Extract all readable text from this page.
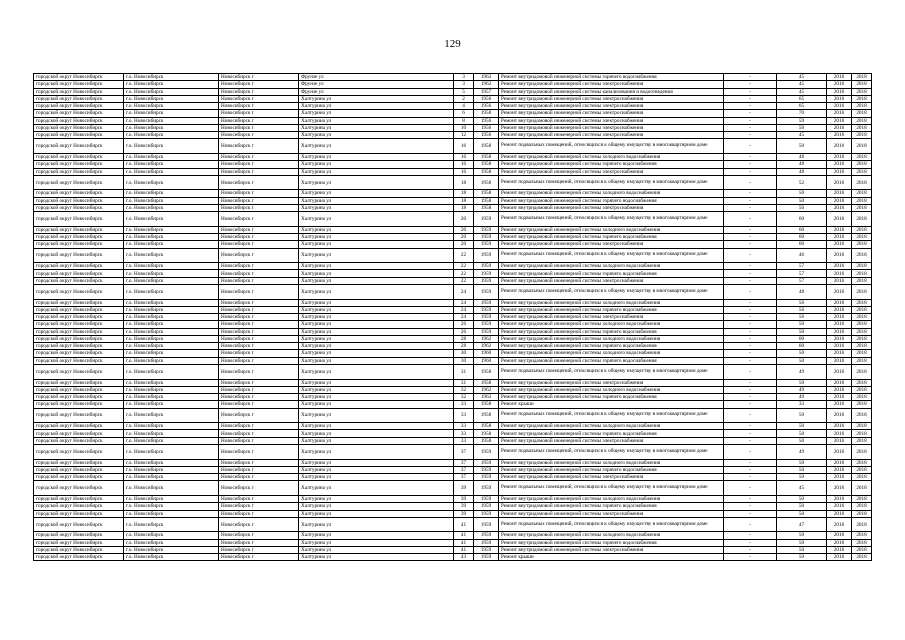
129
городской округ Новосибирск	г.о. Новосибирск	Новосибирск г	Фрунзе ул	3	1962	Ремонт внутридомовой инженерной системы горячего водоснабжения	-	45	2016	2018
городской округ Новосибирск	г.о. Новосибирск	Новосибирск г	Фрунзе ул	3	1962	Ремонт внутридомовой инженерной системы электроснабжения	-	45	2016	2018
городской округ Новосибирск	г.о. Новосибирск	Новосибирск г	Фрунзе ул	5	1957	Ремонт внутридомовой инженерной системы канализования и водоотведения	-	45	2016	2018
городской округ Новосибирск	г.о. Новосибирск	Новосибирск г	Халтурина ул	2	1956	Ремонт внутридомовой инженерной системы электроснабжения	-	65	2016	2018
городской округ Новосибирск	г.о. Новосибирск	Новосибирск г	Халтурина ул	4	1956	Ремонт внутридомовой инженерной системы электроснабжения	-	65	2016	2018
городской округ Новосибирск	г.о. Новосибирск	Новосибирск г	Халтурина ул	6	1958	Ремонт внутридомовой инженерной системы электроснабжения	-	70	2016	2018
городской округ Новосибирск	г.о. Новосибирск	Новосибирск г	Халтурина ул	8	1956	Ремонт внутридомовой инженерной системы электроснабжения	-	59	2016	2018
городской округ Новосибирск	г.о. Новосибирск	Новосибирск г	Халтурина ул	10	1956	Ремонт внутридомовой инженерной системы электроснабжения	-	50	2016	2018
городской округ Новосибирск	г.о. Новосибирск	Новосибирск г	Халтурина ул	12	1956	Ремонт внутридомовой инженерной системы электроснабжения	-	45	2016	2018
городской округ Новосибирск	г.о. Новосибирск	Новосибирск г	Халтурина ул	16	1958	Ремонт подвальных помещений, относящихся к общему имуществу в многоквартирном доме	-	50	2016	2018
городской округ Новосибирск	г.о. Новосибирск	Новосибирск г	Халтурина ул	16	1958	Ремонт внутридомовой инженерной системы холодного водоснабжения	-	48	2016	2018
городской округ Новосибирск	г.о. Новосибирск	Новосибирск г	Халтурина ул	16	1958	Ремонт внутридомовой инженерной системы горячего водоснабжения	-	48	2016	2018
городской округ Новосибирск	г.о. Новосибирск	Новосибирск г	Халтурина ул	16	1958	Ремонт внутридомовой инженерной системы электроснабжения	-	48	2016	2018
городской округ Новосибирск	г.о. Новосибирск	Новосибирск г	Халтурина ул	18	1958	Ремонт подвальных помещений, относящихся к общему имуществу в многоквартирном доме	-	52	2016	2018
городской округ Новосибирск	г.о. Новосибирск	Новосибирск г	Халтурина ул	18	1958	Ремонт внутридомовой инженерной системы холодного водоснабжения	-	50	2016	2018
городской округ Новосибирск	г.о. Новосибирск	Новосибирск г	Халтурина ул	18	1958	Ремонт внутридомовой инженерной системы горячего водоснабжения	-	50	2016	2018
городской округ Новосибирск	г.о. Новосибирск	Новосибирск г	Халтурина ул	18	1958	Ремонт внутридомовой инженерной системы электроснабжения	-	50	2016	2018
городской округ Новосибирск	г.о. Новосибирск	Новосибирск г	Халтурина ул	20	1959	Ремонт подвальных помещений, относящихся к общему имуществу в многоквартирном доме	-	60	2016	2018
городской округ Новосибирск	г.о. Новосибирск	Новосибирск г	Халтурина ул	20	1959	Ремонт внутридомовой инженерной системы холодного водоснабжения	-	60	2016	2018
городской округ Новосибирск	г.о. Новосибирск	Новосибирск г	Халтурина ул	20	1959	Ремонт внутридомовой инженерной системы горячего водоснабжения	-	60	2016	2018
городской округ Новосибирск	г.о. Новосибирск	Новосибирск г	Халтурина ул	20	1959	Ремонт внутридомовой инженерной системы электроснабжения	-	60	2016	2018
городской округ Новосибирск	г.о. Новосибирск	Новосибирск г	Халтурина ул	22	1959	Ремонт подвальных помещений, относящихся к общему имуществу в многоквартирном доме	-	46	2016	2018
городской округ Новосибирск	г.о. Новосибирск	Новосибирск г	Халтурина ул	22	1959	Ремонт внутридомовой инженерной системы холодного водоснабжения	-	57	2016	2018
городской округ Новосибирск	г.о. Новосибирск	Новосибирск г	Халтурина ул	22	1959	Ремонт внутридомовой инженерной системы горячего водоснабжения	-	57	2016	2018
городской округ Новосибирск	г.о. Новосибирск	Новосибирск г	Халтурина ул	22	1959	Ремонт внутридомовой инженерной системы электроснабжения	-	57	2016	2018
городской округ Новосибирск	г.о. Новосибирск	Новосибирск г	Халтурина ул	24	1959	Ремонт подвальных помещений, относящихся к общему имуществу в многоквартирном доме	-	48	2016	2018
городской округ Новосибирск	г.о. Новосибирск	Новосибирск г	Халтурина ул	24	1959	Ремонт внутридомовой инженерной системы холодного водоснабжения	-	56	2016	2018
городской округ Новосибирск	г.о. Новосибирск	Новосибирск г	Халтурина ул	24	1959	Ремонт внутридомовой инженерной системы горячего водоснабжения	-	56	2016	2018
городской округ Новосибирск	г.о. Новосибирск	Новосибирск г	Халтурина ул	24	1959	Ремонт внутридомовой инженерной системы электроснабжения	-	56	2016	2018
городской округ Новосибирск	г.о. Новосибирск	Новосибирск г	Халтурина ул	26	1959	Ремонт внутридомовой инженерной системы холодного водоснабжения	-	50	2016	2018
городской округ Новосибирск	г.о. Новосибирск	Новосибирск г	Халтурина ул	26	1959	Ремонт внутридомовой инженерной системы горячего водоснабжения	-	50	2016	2018
городской округ Новосибирск	г.о. Новосибирск	Новосибирск г	Халтурина ул	28	1962	Ремонт внутридомовой инженерной системы холодного водоснабжения	-	60	2016	2018
городской округ Новосибирск	г.о. Новосибирск	Новосибирск г	Халтурина ул	28	1962	Ремонт внутридомовой инженерной системы горячего водоснабжения	-	60	2016	2018
городской округ Новосибирск	г.о. Новосибирск	Новосибирск г	Халтурина ул	30	1960	Ремонт внутридомовой инженерной системы холодного водоснабжения	-	50	2016	2018
городской округ Новосибирск	г.о. Новосибирск	Новосибирск г	Халтурина ул	30	1960	Ремонт внутридомовой инженерной системы горячего водоснабжения	-	50	2016	2018
городской округ Новосибирск	г.о. Новосибирск	Новосибирск г	Халтурина ул	31	1958	Ремонт подвальных помещений, относящихся к общему имуществу в многоквартирном доме	-	49	2016	2018
городской округ Новосибирск	г.о. Новосибирск	Новосибирск г	Халтурина ул	31	1958	Ремонт внутридомовой инженерной системы электроснабжения	-	50	2016	2018
городской округ Новосибирск	г.о. Новосибирск	Новосибирск г	Халтурина ул	32	1962	Ремонт внутридомовой инженерной системы холодного водоснабжения	-	49	2016	2018
городской округ Новосибирск	г.о. Новосибирск	Новосибирск г	Халтурина ул	32	1962	Ремонт внутридомовой инженерной системы горячего водоснабжения	-	49	2016	2018
городской округ Новосибирск	г.о. Новосибирск	Новосибирск г	Халтурина ул	33	1958	Ремонт крыши	-	33	2016	2018
городской округ Новосибирск	г.о. Новосибирск	Новосибирск г	Халтурина ул	33	1958	Ремонт подвальных помещений, относящихся к общему имуществу в многоквартирном доме	-	50	2016	2018
городской округ Новосибирск	г.о. Новосибирск	Новосибирск г	Халтурина ул	33	1958	Ремонт внутридомовой инженерной системы холодного водоснабжения	-	50	2016	2018
городской округ Новосибирск	г.о. Новосибирск	Новосибирск г	Халтурина ул	33	1958	Ремонт внутридомовой инженерной системы горячего водоснабжения	-	50	2016	2018
городской округ Новосибирск	г.о. Новосибирск	Новосибирск г	Халтурина ул	33	1958	Ремонт внутридомовой инженерной системы электроснабжения	-	50	2016	2018
городской округ Новосибирск	г.о. Новосибирск	Новосибирск г	Халтурина ул	37	1959	Ремонт подвальных помещений, относящихся к общему имуществу в многоквартирном доме	-	49	2016	2018
городской округ Новосибирск	г.о. Новосибирск	Новосибирск г	Халтурина ул	37	1959	Ремонт внутридомовой инженерной системы холодного водоснабжения	-	50	2016	2018
городской округ Новосибирск	г.о. Новосибирск	Новосибирск г	Халтурина ул	37	1959	Ремонт внутридомовой инженерной системы горячего водоснабжения	-	50	2016	2018
городской округ Новосибирск	г.о. Новосибирск	Новосибирск г	Халтурина ул	37	1959	Ремонт внутридомовой инженерной системы электроснабжения	-	50	2016	2018
городской округ Новосибирск	г.о. Новосибирск	Новосибирск г	Халтурина ул	39	1959	Ремонт подвальных помещений, относящихся к общему имуществу в многоквартирном доме	-	45	2016	2018
городской округ Новосибирск	г.о. Новосибирск	Новосибирск г	Халтурина ул	39	1959	Ремонт внутридомовой инженерной системы холодного водоснабжения	-	50	2016	2018
городской округ Новосибирск	г.о. Новосибирск	Новосибирск г	Халтурина ул	39	1959	Ремонт внутридомовой инженерной системы горячего водоснабжения	-	50	2016	2018
городской округ Новосибирск	г.о. Новосибирск	Новосибирск г	Халтурина ул	39	1959	Ремонт внутридомовой инженерной системы электроснабжения	-	50	2016	2018
городской округ Новосибирск	г.о. Новосибирск	Новосибирск г	Халтурина ул	41	1959	Ремонт подвальных помещений, относящихся к общему имуществу в многоквартирном доме	-	47	2016	2018
городской округ Новосибирск	г.о. Новосибирск	Новосибирск г	Халтурина ул	41	1959	Ремонт внутридомовой инженерной системы холодного водоснабжения	-	50	2016	2018
городской округ Новосибирск	г.о. Новосибирск	Новосибирск г	Халтурина ул	41	1959	Ремонт внутридомовой инженерной системы горячего водоснабжения	-	50	2016	2018
городской округ Новосибирск	г.о. Новосибирск	Новосибирск г	Халтурина ул	41	1959	Ремонт внутридомовой инженерной системы электроснабжения	-	50	2016	2018
городской округ Новосибирск	г.о. Новосибирск	Новосибирск г	Халтурина ул	43	1959	Ремонт крыши	-	50	2016	2018
